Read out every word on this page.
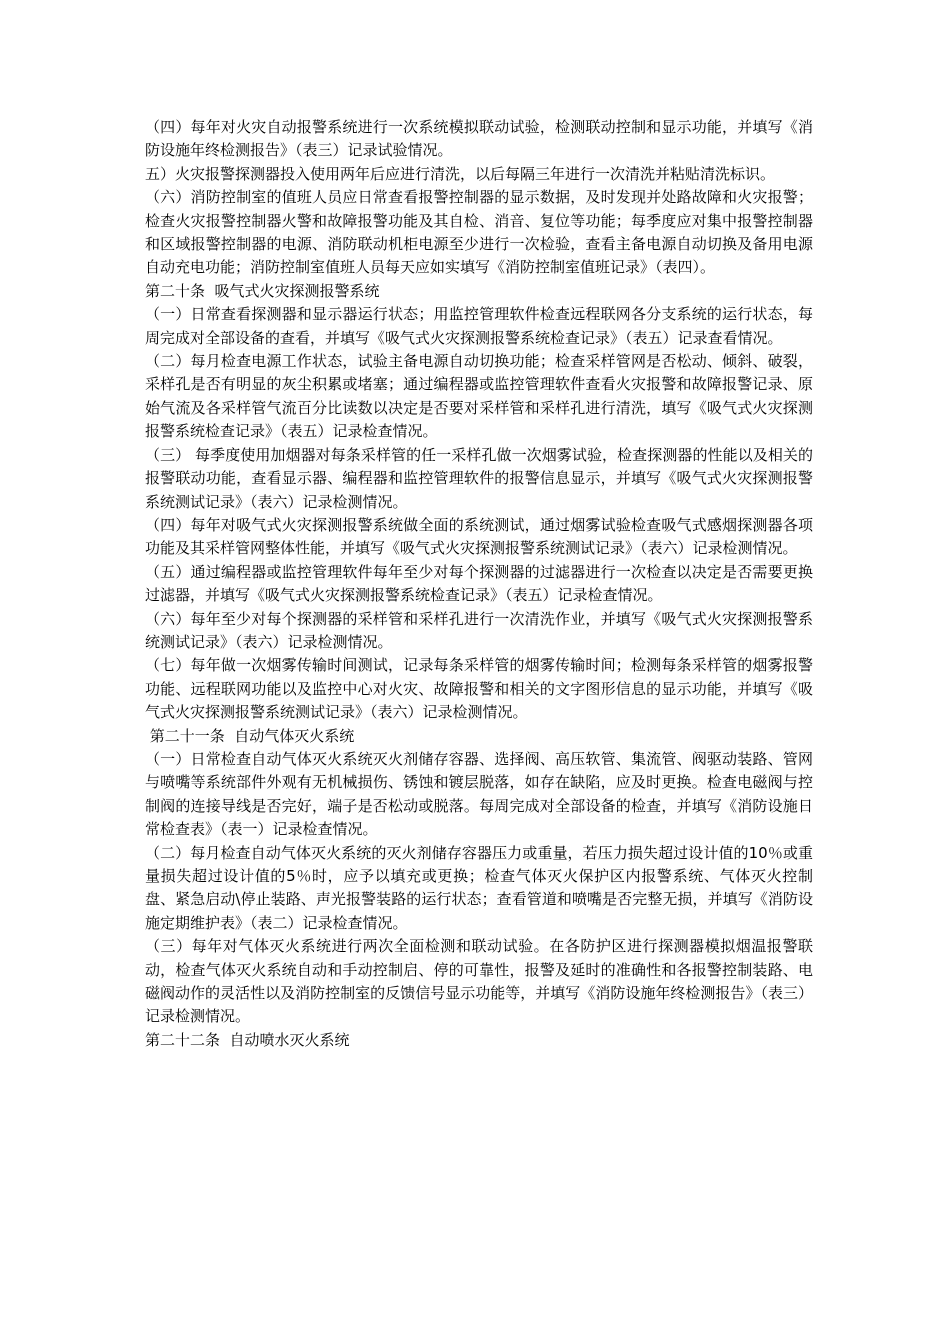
（四）每年对火灾自动报警系统进行一次系统模拟联动试验，检测联动控制和显示功能，并填写《消防设施年终检测报告》（表三）记录试验情况。

五）火灾报警探测器投入使用两年后应进行清洗，以后每隔三年进行一次清洗并粘贴清洗标识。

（六）消防控制室的值班人员应日常查看报警控制器的显示数据，及时发现并处路故障和火灾报警；检查火灾报警控制器火警和故障报警功能及其自检、消音、复位等功能；每季度应对集中报警控制器和区域报警控制器的电源、消防联动机柜电源至少进行一次检验，查看主备电源自动切换及备用电源自动充电功能；消防控制室值班人员每天应如实填写《消防控制室值班记录》（表四）。

第二十条  吸气式火灾探测报警系统

（一）日常查看探测器和显示器运行状态；用监控管理软件检查远程联网各分支系统的运行状态，每周完成对全部设备的查看，并填写《吸气式火灾探测报警系统检查记录》（表五）记录查看情况。

（二）每月检查电源工作状态，试验主备电源自动切换功能；检查采样管网是否松动、倾斜、破裂，采样孔是否有明显的灰尘积累或堵塞；通过编程器或监控管理软件查看火灾报警和故障报警记录、原始气流及各采样管气流百分比读数以决定是否要对采样管和采样孔进行清洗，填写《吸气式火灾探测报警系统检查记录》（表五）记录检查情况。

（三） 每季度使用加烟器对每条采样管的任一采样孔做一次烟雾试验，检查探测器的性能以及相关的报警联动功能，查看显示器、编程器和监控管理软件的报警信息显示，并填写《吸气式火灾探测报警系统测试记录》（表六）记录检测情况。

（四）每年对吸气式火灾探测报警系统做全面的系统测试，通过烟雾试验检查吸气式感烟探测器各项功能及其采样管网整体性能，并填写《吸气式火灾探测报警系统测试记录》（表六）记录检测情况。

（五）通过编程器或监控管理软件每年至少对每个探测器的过滤器进行一次检查以决定是否需要更换过滤器，并填写《吸气式火灾探测报警系统检查记录》（表五）记录检查情况。

（六）每年至少对每个探测器的采样管和采样孔进行一次清洗作业，并填写《吸气式火灾探测报警系统测试记录》（表六）记录检测情况。

（七）每年做一次烟雾传输时间测试，记录每条采样管的烟雾传输时间；检测每条采样管的烟雾报警功能、远程联网功能以及监控中心对火灾、故障报警和相关的文字图形信息的显示功能，并填写《吸气式火灾探测报警系统测试记录》（表六）记录检测情况。

第二十一条  自动气体灭火系统

（一）日常检查自动气体灭火系统灭火剂储存容器、选择阀、高压软管、集流管、阀驱动装路、管网与喷嘴等系统部件外观有无机械损伤、锈蚀和镀层脱落，如存在缺陷，应及时更换。检查电磁阀与控制阀的连接导线是否完好，端子是否松动或脱落。每周完成对全部设备的检查，并填写《消防设施日常检查表》（表一）记录检查情况。

（二）每月检查自动气体灭火系统的灭火剂储存容器压力或重量，若压力损失超过设计值的10％或重量损失超过设计值的5％时，应予以填充或更换；检查气体灭火保护区内报警系统、气体灭火控制盘、紧急启动\停止装路、声光报警装路的运行状态；查看管道和喷嘴是否完整无损，并填写《消防设施定期维护表》（表二）记录检查情况。

（三）每年对气体灭火系统进行两次全面检测和联动试验。在各防护区进行探测器模拟烟温报警联动，检查气体灭火系统自动和手动控制启、停的可靠性，报警及延时的准确性和各报警控制装路、电磁阀动作的灵活性以及消防控制室的反馈信号显示功能等，并填写《消防设施年终检测报告》（表三）记录检测情况。

第二十二条  自动喷水灭火系统
